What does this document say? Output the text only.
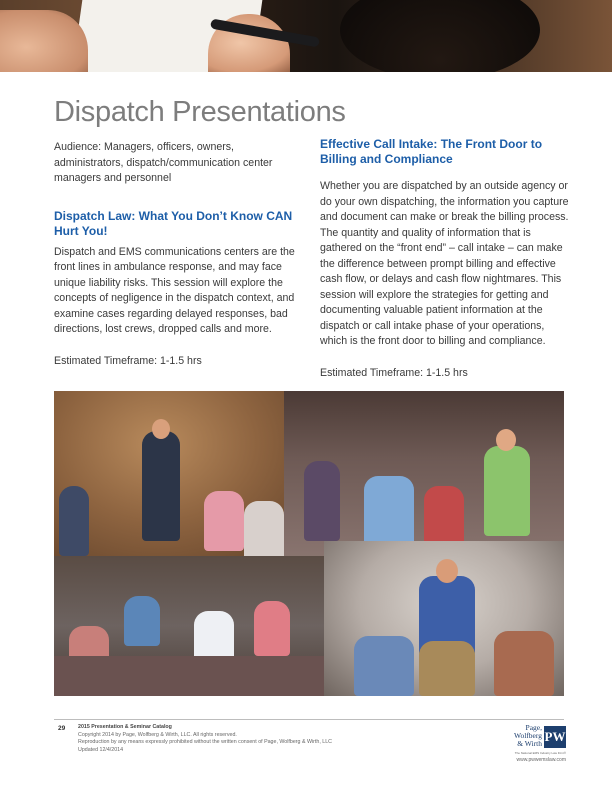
Dispatch Presentations

Audience: Managers, officers, owners, administrators, dispatch/communication center managers and personnel

Dispatch Law: What You Don’t Know CAN Hurt You!

Dispatch and EMS communications centers are the front lines in ambulance response, and may face unique liability risks. This session will explore the concepts of negligence in the dispatch context, and examine cases regarding delayed responses, bad directions, lost crews, dropped calls and more.

Estimated Timeframe: 1-1.5 hrs

Effective Call Intake: The Front Door to Billing and Compliance

Whether you are dispatched by an outside agency or do your own dispatching, the information you capture and document can make or break the billing process. The quantity and quality of information that is gathered on the “front end” – call intake – can make the difference between prompt billing and effective cash flow, or delays and cash flow nightmares. This session will explore the strategies for getting and documenting valuable patient information at the dispatch or call intake phase of your operations, which is the front door to billing and compliance.

Estimated Timeframe: 1-1.5 hrs

29 2015 Presentation & Seminar Catalog
Copyright 2014 by Page, Wolfberg & Wirth, LLC. All rights reserved.
Reproduction by any means expressly prohibited without the written consent of Page, Wolfberg & Wirth, LLC
Updated 12/4/2014
Page,
Wolfberg
& Wirth PW
The National EMS Industry Law Firm®
www.pwwemslaw.com
